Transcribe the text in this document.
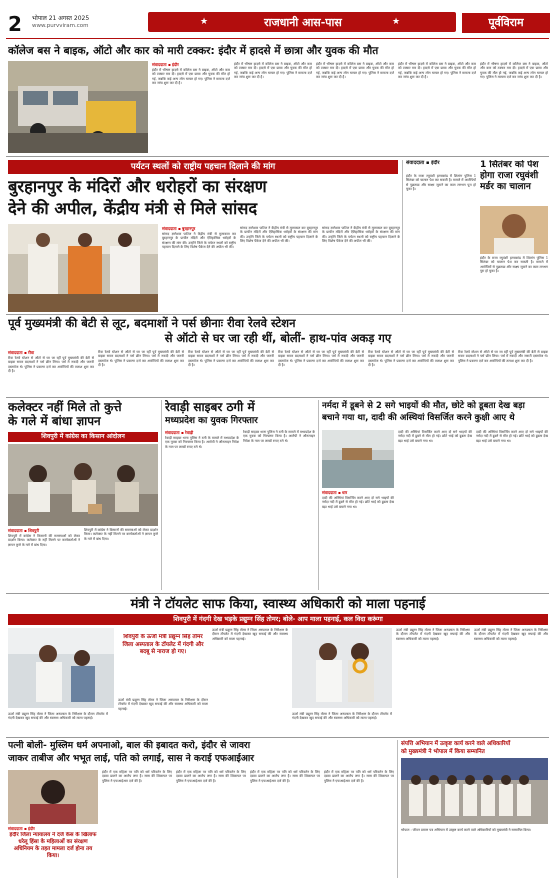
2 भोपाल 21 अगस्त 2025
www.purvviram.com	★	राजधानी आस-पास	★	पूर्वविराम
कॉलेज बस ने बाइक, ऑटो और कार को मारी टक्कर: इंदौर में हादसे में छात्रा और युवक की मौत
संवाददाता ▪ इंदौर
इंदौर में भीषण हादसे में कॉलेज बस ने बाइक, ऑटो और कार को टक्कर मार दी। हादसे में एक छात्रा और युवक की मौत हो गई, जबकि कई अन्य लोग घायल हो गए। पुलिस ने मामला दर्ज कर जांच शुरू कर दी है।
इंदौर में भीषण हादसे में कॉलेज बस ने बाइक, ऑटो और कार को टक्कर मार दी। हादसे में एक छात्रा और युवक की मौत हो गई, जबकि कई अन्य लोग घायल हो गए। पुलिस ने मामला दर्ज कर जांच शुरू कर दी है।
इंदौर में भीषण हादसे में कॉलेज बस ने बाइक, ऑटो और कार को टक्कर मार दी। हादसे में एक छात्रा और युवक की मौत हो गई, जबकि कई अन्य लोग घायल हो गए। पुलिस ने मामला दर्ज कर जांच शुरू कर दी है।
इंदौर में भीषण हादसे में कॉलेज बस ने बाइक, ऑटो और कार को टक्कर मार दी। हादसे में एक छात्रा और युवक की मौत हो गई, जबकि कई अन्य लोग घायल हो गए। पुलिस ने मामला दर्ज कर जांच शुरू कर दी है।
इंदौर में भीषण हादसे में कॉलेज बस ने बाइक, ऑटो और कार को टक्कर मार दी। हादसे में एक छात्रा और युवक की मौत हो गई, जबकि कई अन्य लोग घायल हो गए। पुलिस ने मामला दर्ज कर जांच शुरू कर दी है।
पर्यटन स्थलों को राष्ट्रीय पहचान दिलाने की मांग
बुरहानपुर के मंदिरों और धरोहरों का संरक्षण
देने की अपील, केंद्रीय मंत्री से मिले सांसद
संवाददाता ▪ बुरहानपुर
सांसद ज्ञानेश्वर पाटिल ने केंद्रीय मंत्री से मुलाकात कर बुरहानपुर के प्राचीन मंदिरों और ऐतिहासिक धरोहरों के संरक्षण की मांग की। उन्होंने जिले के पर्यटन स्थलों को राष्ट्रीय पहचान दिलाने के लिए विशेष पैकेज देने की अपील भी की।
सांसद ज्ञानेश्वर पाटिल ने केंद्रीय मंत्री से मुलाकात कर बुरहानपुर के प्राचीन मंदिरों और ऐतिहासिक धरोहरों के संरक्षण की मांग की। उन्होंने जिले के पर्यटन स्थलों को राष्ट्रीय पहचान दिलाने के लिए विशेष पैकेज देने की अपील भी की।
सांसद ज्ञानेश्वर पाटिल ने केंद्रीय मंत्री से मुलाकात कर बुरहानपुर के प्राचीन मंदिरों और ऐतिहासिक धरोहरों के संरक्षण की मांग की। उन्होंने जिले के पर्यटन स्थलों को राष्ट्रीय पहचान दिलाने के लिए विशेष पैकेज देने की अपील भी की।
संवाददाता ▪ इंदौर
इंदौर के राजा रघुवंशी हत्याकांड में शिलांग पुलिस 1 सितंबर को चालान पेश कर सकती है। मामले में आरोपियों से पूछताछ और साक्ष्य जुटाने का काम लगभग पूरा हो चुका है।
1 सितंबर को पेश होगा राजा रघुवंशी मर्डर का चालान
इंदौर के राजा रघुवंशी हत्याकांड में शिलांग पुलिस 1 सितंबर को चालान पेश कर सकती है। मामले में आरोपियों से पूछताछ और साक्ष्य जुटाने का काम लगभग पूरा हो चुका है।
पूर्व मुख्यमंत्री की बेटी से लूट, बदमाशों ने पर्स छीनाः रीवा रेलवे स्टेशन
से ऑटो से घर जा रही थीं, बोलीं- हाथ-पांव अकड़ गए
संवाददाता ▪ रीवा
रीवा रेलवे स्टेशन से ऑटो से घर जा रहीं पूर्व मुख्यमंत्री की बेटी से बाइक सवार बदमाशों ने पर्स छीन लिया। पर्स में नकदी और जरूरी दस्तावेज थे। पुलिस ने प्रकरण दर्ज कर आरोपियों की तलाश शुरू कर दी है।
रीवा रेलवे स्टेशन से ऑटो से घर जा रहीं पूर्व मुख्यमंत्री की बेटी से बाइक सवार बदमाशों ने पर्स छीन लिया। पर्स में नकदी और जरूरी दस्तावेज थे। पुलिस ने प्रकरण दर्ज कर आरोपियों की तलाश शुरू कर दी है।
रीवा रेलवे स्टेशन से ऑटो से घर जा रहीं पूर्व मुख्यमंत्री की बेटी से बाइक सवार बदमाशों ने पर्स छीन लिया। पर्स में नकदी और जरूरी दस्तावेज थे। पुलिस ने प्रकरण दर्ज कर आरोपियों की तलाश शुरू कर दी है।
रीवा रेलवे स्टेशन से ऑटो से घर जा रहीं पूर्व मुख्यमंत्री की बेटी से बाइक सवार बदमाशों ने पर्स छीन लिया। पर्स में नकदी और जरूरी दस्तावेज थे। पुलिस ने प्रकरण दर्ज कर आरोपियों की तलाश शुरू कर दी है।
रीवा रेलवे स्टेशन से ऑटो से घर जा रहीं पूर्व मुख्यमंत्री की बेटी से बाइक सवार बदमाशों ने पर्स छीन लिया। पर्स में नकदी और जरूरी दस्तावेज थे। पुलिस ने प्रकरण दर्ज कर आरोपियों की तलाश शुरू कर दी है।
रीवा रेलवे स्टेशन से ऑटो से घर जा रहीं पूर्व मुख्यमंत्री की बेटी से बाइक सवार बदमाशों ने पर्स छीन लिया। पर्स में नकदी और जरूरी दस्तावेज थे। पुलिस ने प्रकरण दर्ज कर आरोपियों की तलाश शुरू कर दी है।
कलेक्टर नहीं मिले तो कुत्ते
के गले में बांधा ज्ञापन
शिवपुरी में कांग्रेस का किसान आंदोलन
संवाददाता ▪ शिवपुरी
शिवपुरी में कांग्रेस ने किसानों की समस्याओं को लेकर प्रदर्शन किया। कलेक्टर के नहीं मिलने पर कार्यकर्ताओं ने ज्ञापन कुत्ते के गले में बांध दिया।
शिवपुरी में कांग्रेस ने किसानों की समस्याओं को लेकर प्रदर्शन किया। कलेक्टर के नहीं मिलने पर कार्यकर्ताओं ने ज्ञापन कुत्ते के गले में बांध दिया।
रेवाड़ी साइबर ठगी में
मध्यप्रदेश का युवक गिरफ्तार
संवाददाता ▪ रेवाड़ी
रेवाड़ी साइबर थाना पुलिस ने ठगी के मामले में मध्यप्रदेश के एक युवक को गिरफ्तार किया है। आरोपी ने ऑनलाइन निवेश के नाम पर लाखों रुपए ठगे थे।
रेवाड़ी साइबर थाना पुलिस ने ठगी के मामले में मध्यप्रदेश के एक युवक को गिरफ्तार किया है। आरोपी ने ऑनलाइन निवेश के नाम पर लाखों रुपए ठगे थे।
नर्मदा में डूबने से 2 सगे भाइयों की मौत, छोटे को डूबता देख बड़ा
बचाने गया था, दादी की अस्थियां विसर्जित करने कुक्षी आए थे
संवाददाता ▪ धार
दादी की अस्थियां विसर्जित करने आए दो सगे भाइयों की नर्मदा नदी में डूबने से मौत हो गई। छोटे भाई को डूबता देख बड़ा भाई उसे बचाने गया था।
दादी की अस्थियां विसर्जित करने आए दो सगे भाइयों की नर्मदा नदी में डूबने से मौत हो गई। छोटे भाई को डूबता देख बड़ा भाई उसे बचाने गया था।
दादी की अस्थियां विसर्जित करने आए दो सगे भाइयों की नर्मदा नदी में डूबने से मौत हो गई। छोटे भाई को डूबता देख बड़ा भाई उसे बचाने गया था।
मंत्री ने टॉयलेट साफ किया, स्वास्थ्य अधिकारी को माला पहनाई
शिवपुरी में गंदगी देख भड़के प्रद्युम्न सिंह तोमर; बोले- आप माला पहनाई, कल विदा करूंगा
शिवपुरी के ऊर्जा मंत्री प्रद्युम्न सिंह तोमर जिला अस्पताल के टॉयलेट में गंदगी और बदबू से नाराज हो गए।
ऊर्जा मंत्री प्रद्युम्न सिंह तोमर ने जिला अस्पताल के निरीक्षण के दौरान टॉयलेट में गंदगी देखकर खुद सफाई की और स्वास्थ्य अधिकारी को माला पहनाई।
ऊर्जा मंत्री प्रद्युम्न सिंह तोमर ने जिला अस्पताल के निरीक्षण के दौरान टॉयलेट में गंदगी देखकर खुद सफाई की और स्वास्थ्य अधिकारी को माला पहनाई।
ऊर्जा मंत्री प्रद्युम्न सिंह तोमर ने जिला अस्पताल के निरीक्षण के दौरान टॉयलेट में गंदगी देखकर खुद सफाई की और स्वास्थ्य अधिकारी को माला पहनाई।
ऊर्जा मंत्री प्रद्युम्न सिंह तोमर ने जिला अस्पताल के निरीक्षण के दौरान टॉयलेट में गंदगी देखकर खुद सफाई की और स्वास्थ्य अधिकारी को माला पहनाई।
ऊर्जा मंत्री प्रद्युम्न सिंह तोमर ने जिला अस्पताल के निरीक्षण के दौरान टॉयलेट में गंदगी देखकर खुद सफाई की और स्वास्थ्य अधिकारी को माला पहनाई।
ऊर्जा मंत्री प्रद्युम्न सिंह तोमर ने जिला अस्पताल के निरीक्षण के दौरान टॉयलेट में गंदगी देखकर खुद सफाई की और स्वास्थ्य अधिकारी को माला पहनाई।
पत्नी बोली- मुस्लिम धर्म अपनाओ, बाल की इबादत करो, इंदौर से जावरा
जाकर ताबीज और भभूत लाई, पति को लगाई, सास ने कराई एफआईआर
संवाददाता ▪ इंदौर
इंदौर जिला न्यायालय ने दर्ज केस के खिलाफ धरेलू हिंसा के महिलाओं का संरक्षण अधिनियम के तहत मामला दर्ज होना तय किया।
इंदौर में एक महिला पर पति को धर्म परिवर्तन के लिए दबाव डालने का आरोप लगा है। सास की शिकायत पर पुलिस ने एफआईआर दर्ज की है।
इंदौर में एक महिला पर पति को धर्म परिवर्तन के लिए दबाव डालने का आरोप लगा है। सास की शिकायत पर पुलिस ने एफआईआर दर्ज की है।
इंदौर में एक महिला पर पति को धर्म परिवर्तन के लिए दबाव डालने का आरोप लगा है। सास की शिकायत पर पुलिस ने एफआईआर दर्ज की है।
इंदौर में एक महिला पर पति को धर्म परिवर्तन के लिए दबाव डालने का आरोप लगा है। सास की शिकायत पर पुलिस ने एफआईआर दर्ज की है।
संपत्ति अभियान में उत्कृष्ट कार्य करने वाले अधिकारियों
को मुख्यमंत्री ने भोपाल में किया सम्मानित
भोपाल : जीवन प्रमाण पत्र अभियान में उत्कृष्ट कार्य करने वाले अधिकारियों को मुख्यमंत्री ने सम्मानित किया।
